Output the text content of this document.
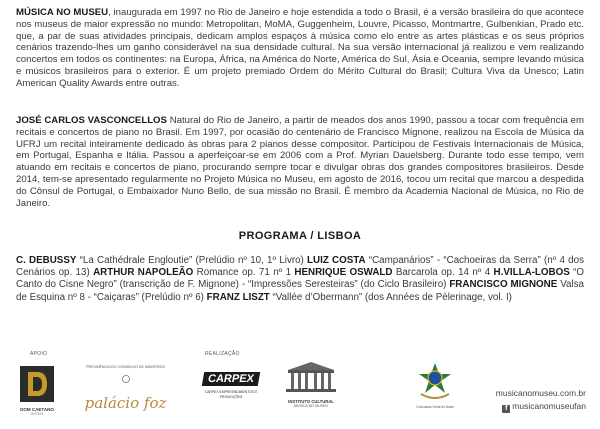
MÚSICA NO MUSEU, inaugurada em 1997 no Rio de Janeiro e hoje estendida a todo o Brasil, é a versão brasileira do que acontece nos museus de maior expressão no mundo: Metropolitan, MoMA, Guggenheim, Louvre, Picasso, Montmartre, Gulbenkian, Prado etc. que, a par de suas atividades principais, dedicam amplos espaços à música como elo entre as artes plásticas e os seus próprios cenários trazendo-lhes um ganho considerável na sua densidade cultural. Na sua versão internacional já realizou e vem realizando concertos em todos os continentes: na Europa, África, na América do Norte, América do Sul, Ásia e Oceania, sempre levando música e músicos brasileiros para o exterior. É um projeto premiado Ordem do Mérito Cultural do Brasil; Cultura Viva da Unesco; Latin American Quality Awards entre outras.

JOSÉ CARLOS VASCONCELLOS Natural do Rio de Janeiro, a partir de meados dos anos 1990, passou a tocar com frequência em recitais e concertos de piano no Brasil. Em 1997, por ocasião do centenário de Francisco Mignone, realizou na Escola de Música da UFRJ um recital inteiramente dedicado às obras para 2 pianos desse compositor. Participou de Festivais Internacionais de Música, em Portugal, Espanha e Itália. Passou a aperfeiçoar-se em 2006 com a Prof. Myrian Dauelsberg. Durante todo esse tempo, vem atuando em recitais e concertos de piano, procurando sempre tocar e divulgar obras dos grandes compositores brasileiros. Desde 2014, tem-se apresentado regularmente no Projeto Música no Museu, em agosto de 2016, tocou um recital que marcou a despedida do Cônsul de Portugal, o Embaixador Nuno Bello, de sua missão no Brasil. É membro da Academia Nacional de Música, no Rio de Janeiro.

PROGRAMA / LISBOA

C. DEBUSSY “La Cathédrale Engloutie” (Prelúdio nº 10, 1º Livro) LUIZ COSTA “Campanários” - “Cachoeiras da Serra” (nº 4 dos Cenários op. 13) ARTHUR NAPOLEÃO Romance op. 71 nº 1 HENRIQUE OSWALD Barcarola op. 14 nº 4 H.VILLA-LOBOS “O Canto do Cisne Negro” (transcrição de F. Mignone) - “Impressões Seresteiras” (do Ciclo Brasileiro) FRANCISCO MIGNONE Valsa de Esquina nº 8 - “Caiçaras” (Prelúdio nº 6) FRANZ LISZT “Vallée d’Obermann” (dos Années de Pèlerinage, vol. I)

APOIO	REALIZAÇÃO
DOM CAETANO
HOTEIS
PRESIDÊNCIA DO CONSELHO DE MINISTROS
palácio foz
CARPEX
CARPEX EMPREENDIMENTOS E PROMOÇÕES
INSTITUTO CULTURAL
MÚSICA NO MUSEU	Consulado-Geral do Brasil
musicanomuseu.com.br
f musicanomuseufan
